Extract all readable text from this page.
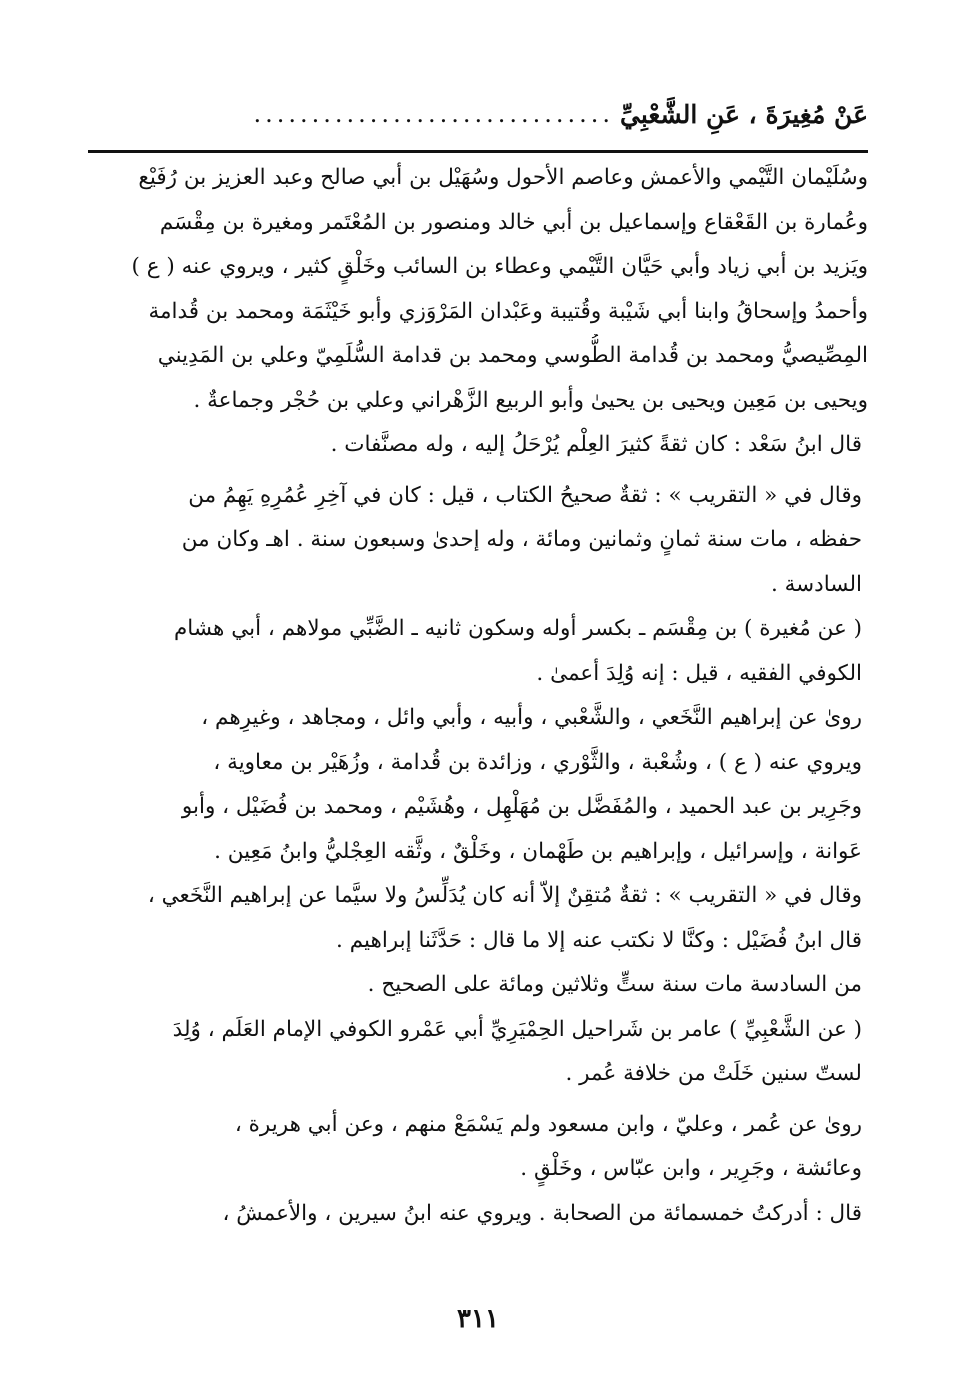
عَنْ مُغِيرَةَ ، عَنِ الشَّعْبِيِّ
...............................
وسُلَيْمان التَّيْمي والأعمش وعاصم الأحول وسُهَيْل بن أبي صالح وعبد العزيز بن رُفَيْع
وعُمارة بن القَعْقاع وإسماعيل بن أبي خالد ومنصور بن المُعْتَمر ومغيرة بن مِقْسَم
ويَزيد بن أبي زياد وأبي حَيَّان التَّيْمي وعطاء بن السائب وخَلْقٍ كثير ، ويروي عنه ( ع )
وأحمدُ وإسحاقُ وابنا أبي شَيْبة وقُتيبة وعَبْدان المَرْوَزي وأبو خَيْثَمَة ومحمد بن قُدامة
المِصِّيصيُّ ومحمد بن قُدامة الطُّوسي ومحمد بن قدامة السُّلَمِيّ وعلي بن المَدِيني
ويحيى بن مَعِين ويحيى بن يحيىٰ وأبو الربيع الزَّهْراني وعلي بن حُجْر وجماعةٌ .
قال ابنُ سَعْد : كان ثقةً كثيرَ العِلْم يُرْحَلُ إليه ، وله مصنَّفات .
وقال في « التقريب » : ثقةٌ صحيحُ الكتاب ، قيل : كان في آخِرِ عُمُرِهِ يَهِمُ من
حفظه ، مات سنة ثمانٍ وثمانين ومائة ، وله إحدىٰ وسبعون سنة . اهـ وكان من
السادسة .
( عن مُغيرة ) بن مِقْسَم ـ بكسر أوله وسكون ثانيه ـ الضَّبِّي مولاهم ، أبي هشام
الكوفي الفقيه ، قيل : إنه وُلِدَ أعمىٰ .
روىٰ عن إبراهيم النَّخَعي ، والشَّعْبي ، وأبيه ، وأبي وائل ، ومجاهد ، وغيرِهم ،
ويروي عنه ( ع ) ، وشُعْبة ، والثَّوْري ، وزائدة بن قُدامة ، وزُهَيْر بن معاوية ،
وجَرِير بن عبد الحميد ، والمُفَضَّل بن مُهَلْهِل ، وهُشَيْم ، ومحمد بن فُضَيْل ، وأبو
عَوانة ، وإسرائيل ، وإبراهيم بن طَهْمان ، وخَلْقٌ ، وثَّقه العِجْليُّ وابنُ مَعِين .
وقال في « التقريب » : ثقةٌ مُتقِنٌ إلاّ أنه كان يُدَلِّسُ ولا سيَّما عن إبراهيم النَّخَعي ،
قال ابنُ فُضَيْل : وكنَّا لا نكتب عنه إلا ما قال : حَدَّثَنا إبراهيم .
من السادسة مات سنة ستٍّ وثلاثين ومائة على الصحيح .
( عن الشَّعْبِيِّ ) عامر بن شَراحيل الحِمْيَرِيِّ أبي عَمْرو الكوفي الإمام العَلَم ، وُلِدَ
لستّ سنين خَلَتْ من خلافة عُمر .
روىٰ عن عُمر ، وعليّ ، وابن مسعود ولم يَسْمَعْ منهم ، وعن أبي هريرة ،
وعائشة ، وجَرِير ، وابن عبّاس ، وخَلْقٍ .
قال : أدركتُ خمسمائة من الصحابة . ويروي عنه ابنُ سيرين ، والأعمشُ ،
٣١١
